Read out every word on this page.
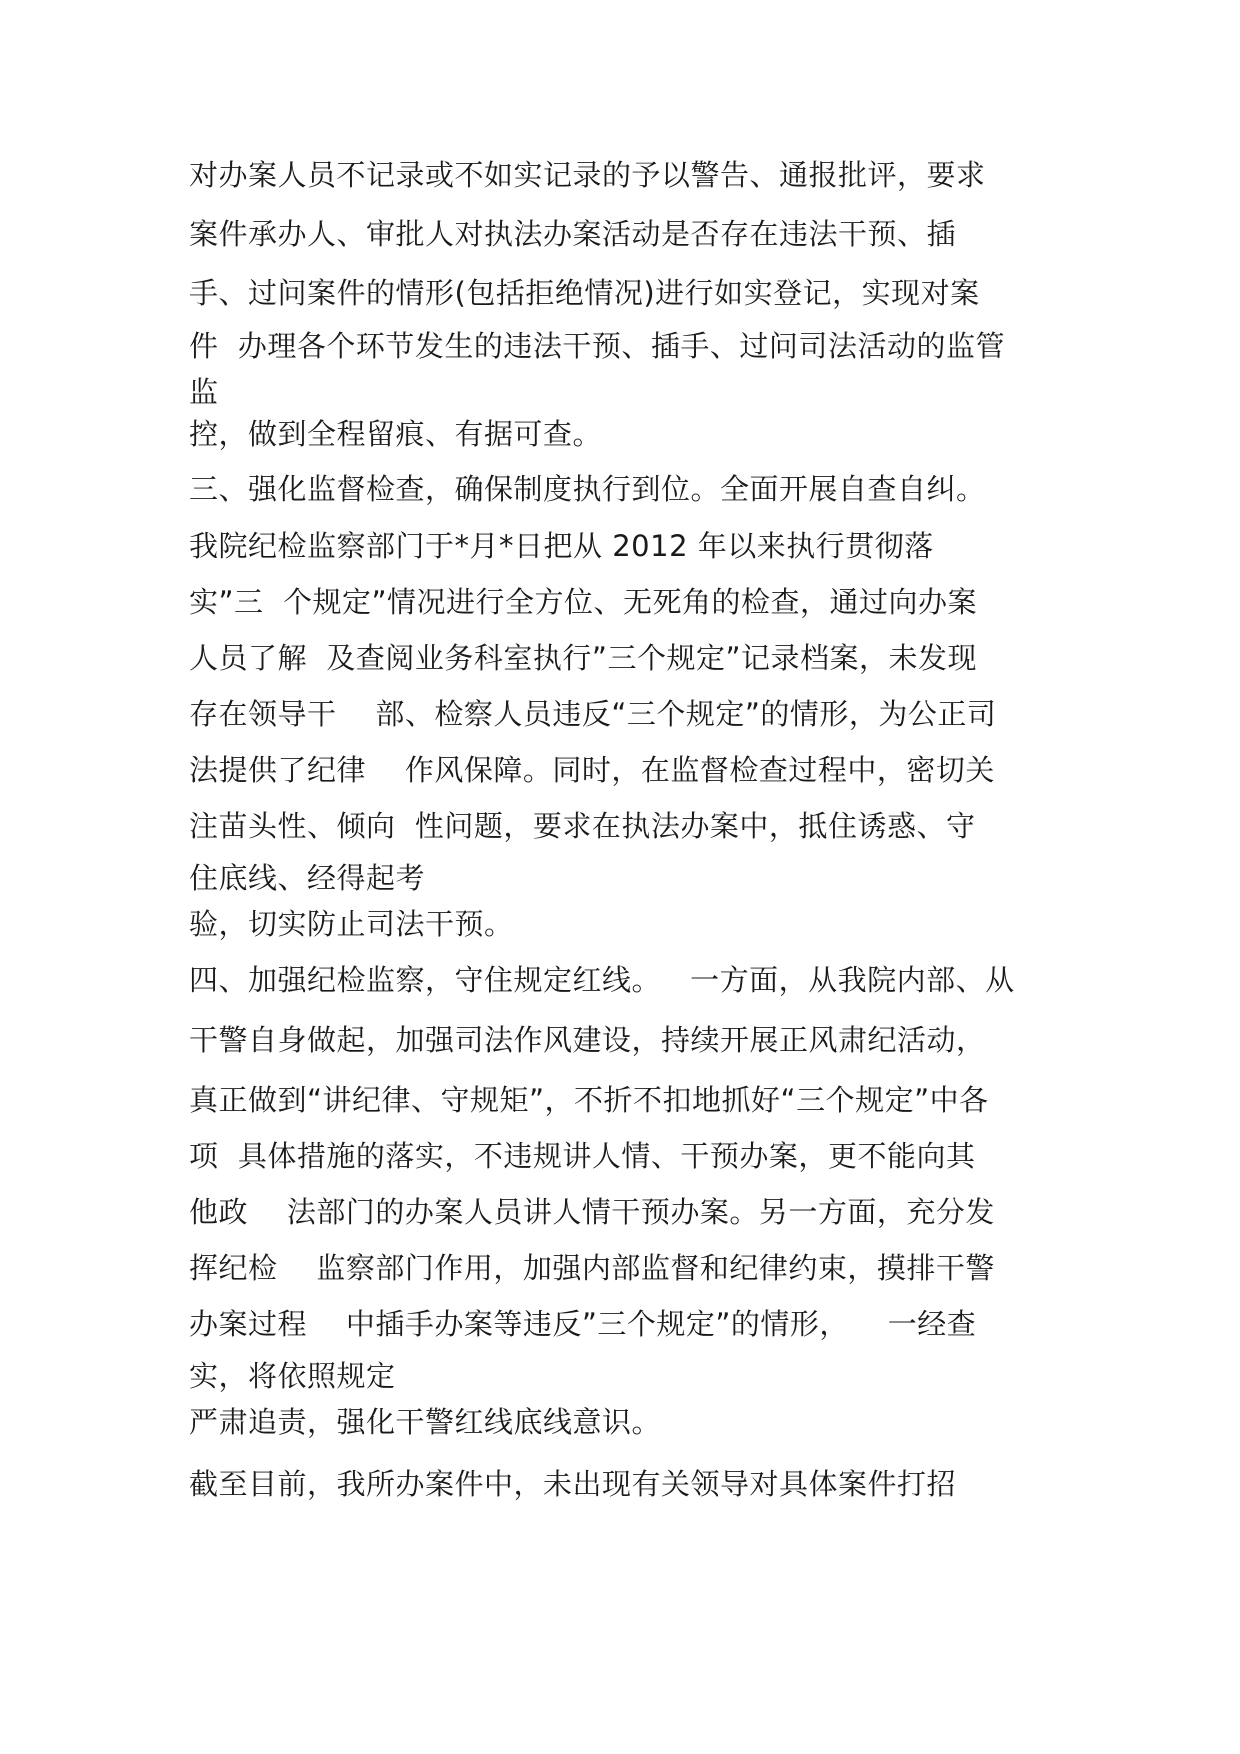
对办案人员不记录或不如实记录的予以警告、通报批评，要求
案件承办人、审批人对执法办案活动是否存在违法干预、插
手、过问案件的情形(包括拒绝情况)进行如实登记，实现对案
件  办理各个环节发生的违法干预、插手、过问司法活动的监管
监
控，做到全程留痕、有据可查。
三、强化监督检查，确保制度执行到位。全面开展自查自纠。
我院纪检监察部门于*月*日把从 2012 年以来执行贯彻落
实”三  个规定”情况进行全方位、无死角的检查，通过向办案
人员了解  及查阅业务科室执行”三个规定”记录档案，未发现
存在领导干    部、检察人员违反“三个规定”的情形，为公正司
法提供了纪律    作风保障。同时，在监督检查过程中，密切关
注苗头性、倾向  性问题，要求在执法办案中，抵住诱惑、守
住底线、经得起考
验，切实防止司法干预。
四、加强纪检监察，守住规定红线。   一方面，从我院内部、从
干警自身做起，加强司法作风建设，持续开展正风肃纪活动，
真正做到“讲纪律、守规矩”，不折不扣地抓好“三个规定”中各
项  具体措施的落实，不违规讲人情、干预办案，更不能向其
他政    法部门的办案人员讲人情干预办案。另一方面，充分发
挥纪检    监察部门作用，加强内部监督和纪律约束，摸排干警
办案过程    中插手办案等违反”三个规定”的情形，    一经查
实，将依照规定
严肃追责，强化干警红线底线意识。
截至目前，我所办案件中，未出现有关领导对具体案件打招
